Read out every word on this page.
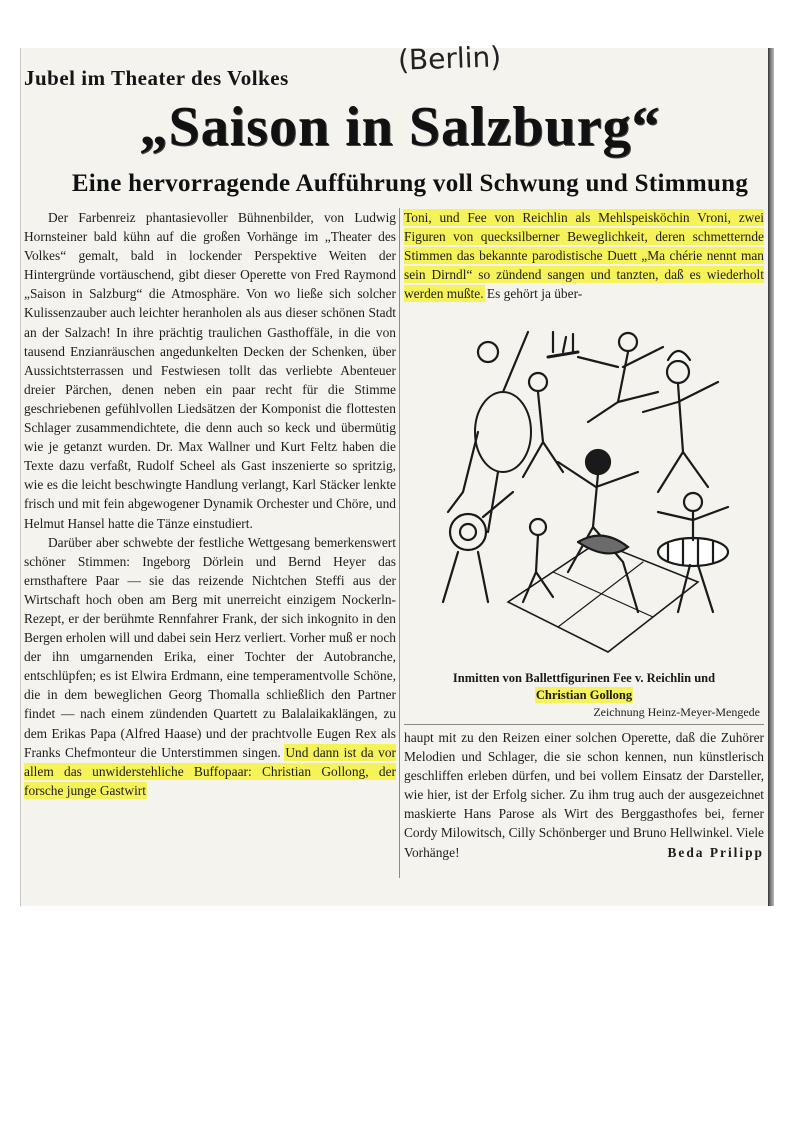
Jubel im Theater des Volkes
(Berlin)
„Saison in Salzburg“
Eine hervorragende Aufführung voll Schwung und Stimmung

Der Farbenreiz phantasievoller Bühnenbilder, von Ludwig Hornsteiner bald kühn auf die großen Vorhänge im „Theater des Volkes“ gemalt, bald in lockender Perspektive Weiten der Hintergründe vortäuschend, gibt dieser Operette von Fred Raymond „Saison in Salzburg“ die Atmosphäre. Von wo ließe sich solcher Kulissenzauber auch leichter heranholen als aus dieser schönen Stadt an der Salzach! In ihre prächtig traulichen Gasthoffäle, in die von tausend Enzianräuschen angedunkelten Decken der Schenken, über Aussichtsterrassen und Festwiesen tollt das verliebte Abenteuer dreier Pärchen, denen neben ein paar recht für die Stimme geschriebenen gefühlvollen Liedsätzen der Komponist die flottesten Schlager zusammendichtete, die denn auch so keck und übermütig wie je getanzt wurden. Dr. Max Wallner und Kurt Feltz haben die Texte dazu verfaßt, Rudolf Scheel als Gast inszenierte so spritzig, wie es die leicht beschwingte Handlung verlangt, Karl Stäcker lenkte frisch und mit fein abgewogener Dynamik Orchester und Chöre, und Helmut Hansel hatte die Tänze einstudiert.

Darüber aber schwebte der festliche Wettgesang bemerkenswert schöner Stimmen: Ingeborg Dörlein und Bernd Heyer das ernsthaftere Paar — sie das reizende Nichtchen Steffi aus der Wirtschaft hoch oben am Berg mit unerreicht einzigem Nockerln-Rezept, er der berühmte Rennfahrer Frank, der sich inkognito in den Bergen erholen will und dabei sein Herz verliert. Vorher muß er noch der ihn umgarnenden Erika, einer Tochter der Autobranche, entschlüpfen; es ist Elwira Erdmann, eine temperamentvolle Schöne, die in dem beweglichen Georg Thomalla schließlich den Partner findet — nach einem zündenden Quartett zu Balalaikaklängen, zu dem Erikas Papa (Alfred Haase) und der prachtvolle Eugen Rex als Franks Chefmonteur die Unterstimmen singen. Und dann ist da vor allem das unwiderstehliche Buffopaar: Christian Gollong, der forsche junge Gastwirt

Toni, und Fee von Reichlin als Mehlspeisköchin Vroni, zwei Figuren von quecksilberner Beweglichkeit, deren schmetternde Stimmen das bekannte parodistische Duett „Ma chérie nennt man sein Dirndl“ so zündend sangen und tanzten, daß es wiederholt werden mußte. Es gehört ja über-

Inmitten von Ballettfigurinen Fee v. Reichlin und
Christian Gollong
Zeichnung Heinz-Meyer-Mengede

haupt mit zu den Reizen einer solchen Operette, daß die Zuhörer Melodien und Schlager, die sie schon kennen, nun künstlerisch geschliffen erleben dürfen, und bei vollem Einsatz der Darsteller, wie hier, ist der Erfolg sicher. Zu ihm trug auch der ausgezeichnet maskierte Hans Parose als Wirt des Berggasthofes bei, ferner Cordy Milowitsch, Cilly Schönberger und Bruno Hellwinkel. Viele Vorhänge!	Beda Prilipp
